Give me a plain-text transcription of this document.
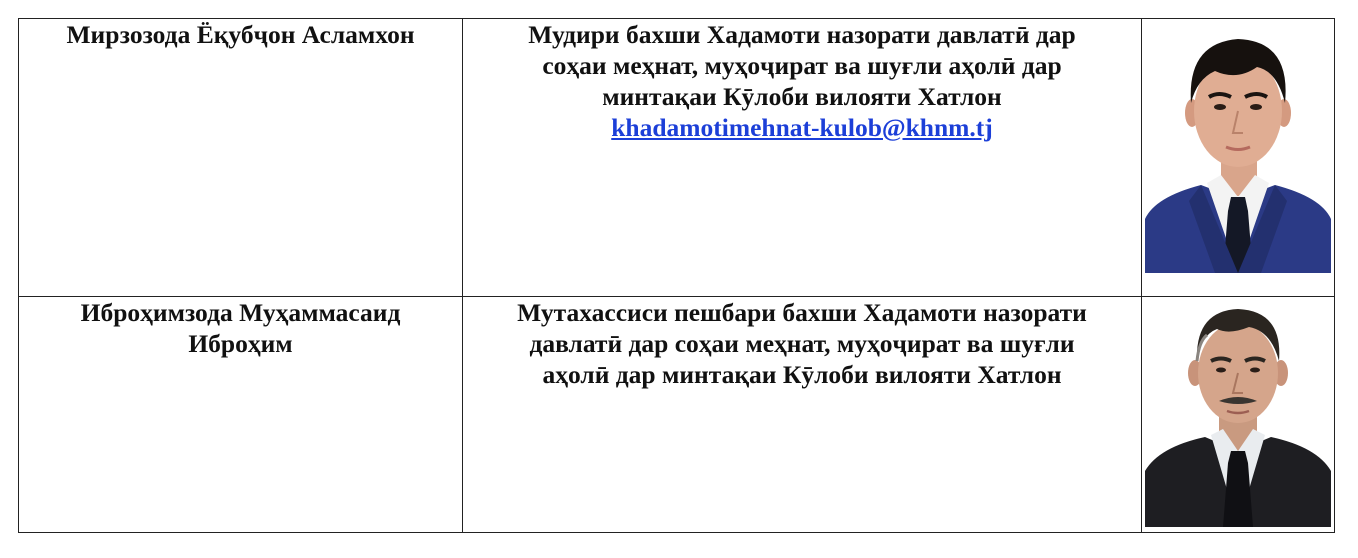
Мирзозода Ёқубҷон Асламхон	Мудири бахши Хадамоти назорати давлатӣ дар
соҳаи меҳнат, муҳоҷират ва шуғли аҳолӣ дар
минтақаи Кӯлоби вилояти Хатлон
khadamotimehnat-kulob@khnm.tj

Иброҳимзода Муҳаммасаид
Иброҳим	Мутахассиси пешбари бахши Хадамоти назорати
давлатӣ дар соҳаи меҳнат, муҳоҷират ва шуғли
аҳолӣ дар минтақаи Кӯлоби вилояти Хатлон
